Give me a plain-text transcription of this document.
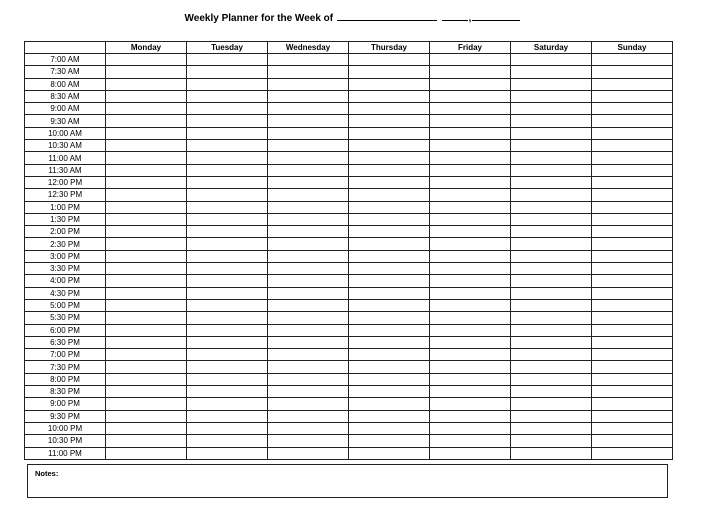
Weekly Planner for the Week of	,
	Monday	Tuesday	Wednesday	Thursday	Friday	Saturday	Sunday
7:00 AM							
7:30 AM							
8:00 AM							
8:30 AM							
9:00 AM							
9:30 AM							
10:00 AM							
10:30 AM							
11:00 AM							
11:30 AM							
12:00 PM							
12:30 PM							
1:00 PM							
1:30 PM							
2:00 PM							
2:30 PM							
3:00 PM							
3:30 PM							
4:00 PM							
4:30 PM							
5:00 PM							
5:30 PM							
6:00 PM							
6:30 PM							
7:00 PM							
7:30 PM							
8:00 PM							
8:30 PM							
9:00 PM							
9:30 PM							
10:00 PM							
10:30 PM							
11:00 PM							
Notes:
